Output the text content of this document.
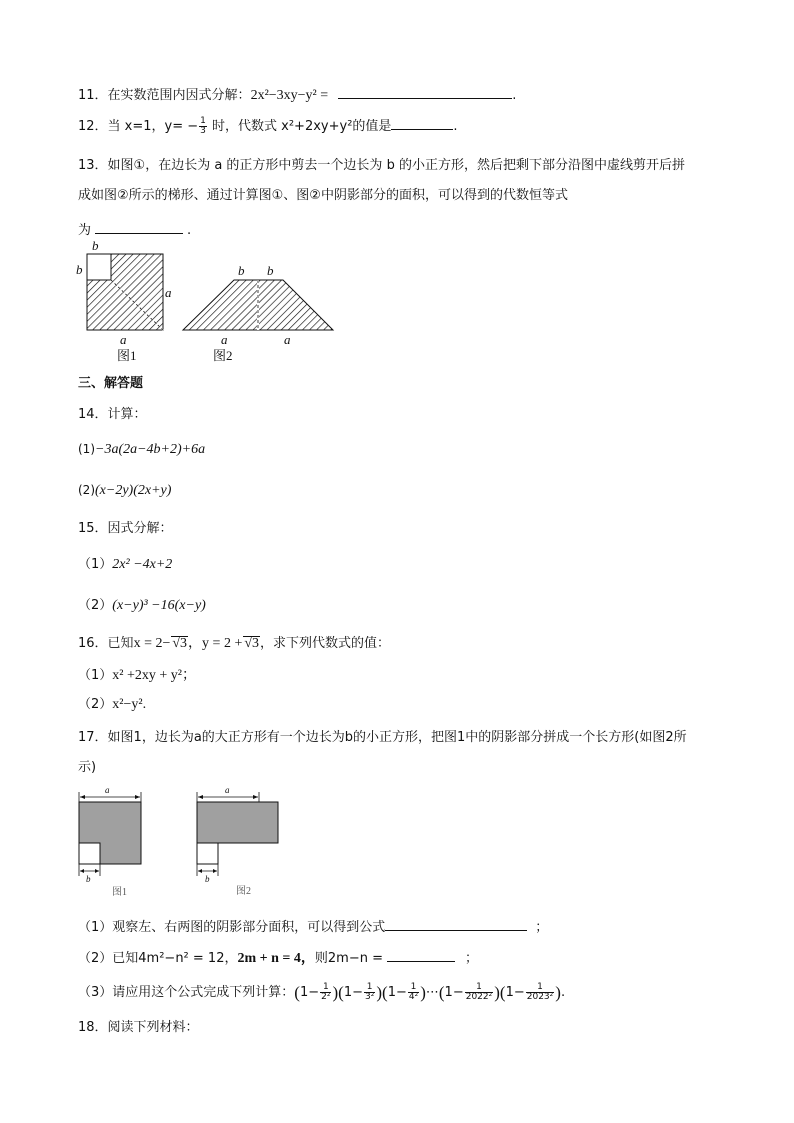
11．在实数范围内因式分解：2x²−3xy−y² =	.
12．当 x=1，$y= - \frac{1}{3}$ 时，代数式 x²+2xy+y²的值是	.
13．如图①，在边长为 a 的正方形中剪去一个边长为 b 的小正方形，然后把剩下部分沿图中虚线剪开后拼
成如图②所示的梯形、通过计算图①、图②中阴影部分的面积，可以得到的代数恒等式
为	.
b
b
a
a
图1
b b
a	a
图2
三、解答题
14．计算：
(1)−3a(2a−4b+2)+6a
(2)(x−2y)(2x+y)
15．因式分解：
（1）2x² −4x+2
（2）(x−y)³ −16(x−y)
16．已知x = 2− √3，y = 2 + √3，求下列代数式的值：
（1）x² +2xy + y²；
（2）x²−y².
17．如图1，边长为a的大正方形有一个边长为b的小正方形，把图1中的阴影部分拼成一个长方形(如图2所
示)
a
b
图1
a
b
图2
（1）观察左、右两图的阴影部分面积，可以得到公式	；
（2）已知4m²−n² = 12，2m + n = 4，则2m−n =	；
（3）请应用这个公式完成下列计算：$(1- \frac{1}{\text{2²}} )(1- \frac{1}{\text{3²}} )(1- \frac{1}{\text{4²}}$ )⋯(1− $\frac{1}{\text{2022²}} )(1- \frac{1}{\text{2023²}}$ ).
18．阅读下列材料：
